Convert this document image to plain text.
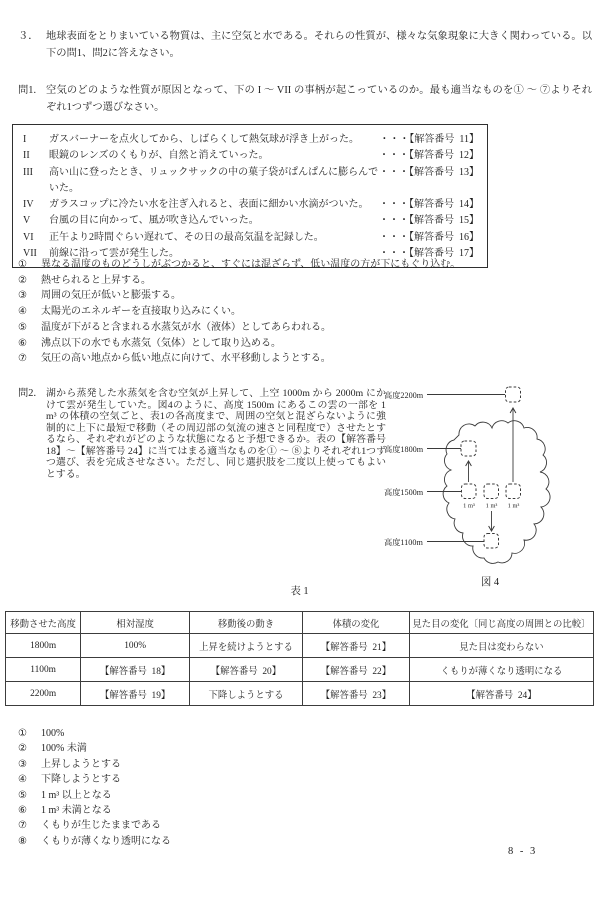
３． 地球表面をとりまいている物質は、主に空気と水である。それらの性質が、様々な気象現象に大きく関わっている。以下の問1、問2に答えなさい。
問1. 空気のどのような性質が原因となって、下の I ～ VII の事柄が起こっているのか。最も適当なものを① ～ ⑦よりそれぞれ1つずつ選びなさい。
I	ガスバーナーを点火してから、しばらくして熱気球が浮き上がった。	・・・【解答番号  11】
II	眼鏡のレンズのくもりが、自然と消えていった。	・・・【解答番号  12】
III	高い山に登ったとき、リュックサックの中の菓子袋がぱんぱんに膨らんでいた。
・・・【解答番号  13】
IV	ガラスコップに冷たい水を注ぎ入れると、表面に細かい水滴がついた。	・・・【解答番号  14】
V	台風の目に向かって、風が吹き込んでいった。	・・・【解答番号  15】
VI	正午より2時間ぐらい遅れて、その日の最高気温を記録した。	・・・【解答番号  16】
VII	前線に沿って雲が発生した。	・・・【解答番号  17】
①	異なる温度のものどうしがぶつかると、すぐには混ざらず、低い温度の方が下にもぐり込む。
②	熱せられると上昇する。
③	周囲の気圧が低いと膨張する。
④	太陽光のエネルギーを直接取り込みにくい。
⑤	温度が下がると含まれる水蒸気が水（液体）としてあらわれる。
⑥	沸点以下の水でも水蒸気（気体）として取り込める。
⑦	気圧の高い地点から低い地点に向けて、水平移動しようとする。
問2. 湖から蒸発した水蒸気を含む空気が上昇して、上空 1000m から 2000m にかけて雲が発生していた。図4のように、高度 1500m にあるこの雲の一部を 1 m³ の体積の空気ごと、表1の各高度まで、周囲の空気と混ざらないように強制的に上下に最短で移動（その周辺部の気流の速さと同程度で）させたとするなら、それぞれがどのような状態になると予想できるか。表の【解答番号 18】～【解答番号 24】に当てはまる適当なものを① ～ ⑧よりそれぞれ1つずつ選び、表を完成させなさい。ただし、同じ選択肢を二度以上使ってもよいとする。
高度2200m
高度1800m
高度1500m
1 m³ 1 m³ 1 m³
高度1100m
図 4
表 1
移動させた高度	相対湿度	移動後の動き	体積の変化	見た目の変化〔同じ高度の周囲との比較〕
1800m	100%	上昇を続けようとする	【解答番号  21】	見た目は変わらない
1100m	【解答番号  18】	【解答番号  20】	【解答番号  22】	くもりが薄くなり透明になる
2200m	【解答番号  19】	下降しようとする	【解答番号  23】	【解答番号  24】
①	100%
②	100% 未満
③	上昇しようとする
④	下降しようとする
⑤	1 m³ 以上となる
⑥	1 m³ 未満となる
⑦	くもりが生じたままである
⑧	くもりが薄くなり透明になる
8 - 3
